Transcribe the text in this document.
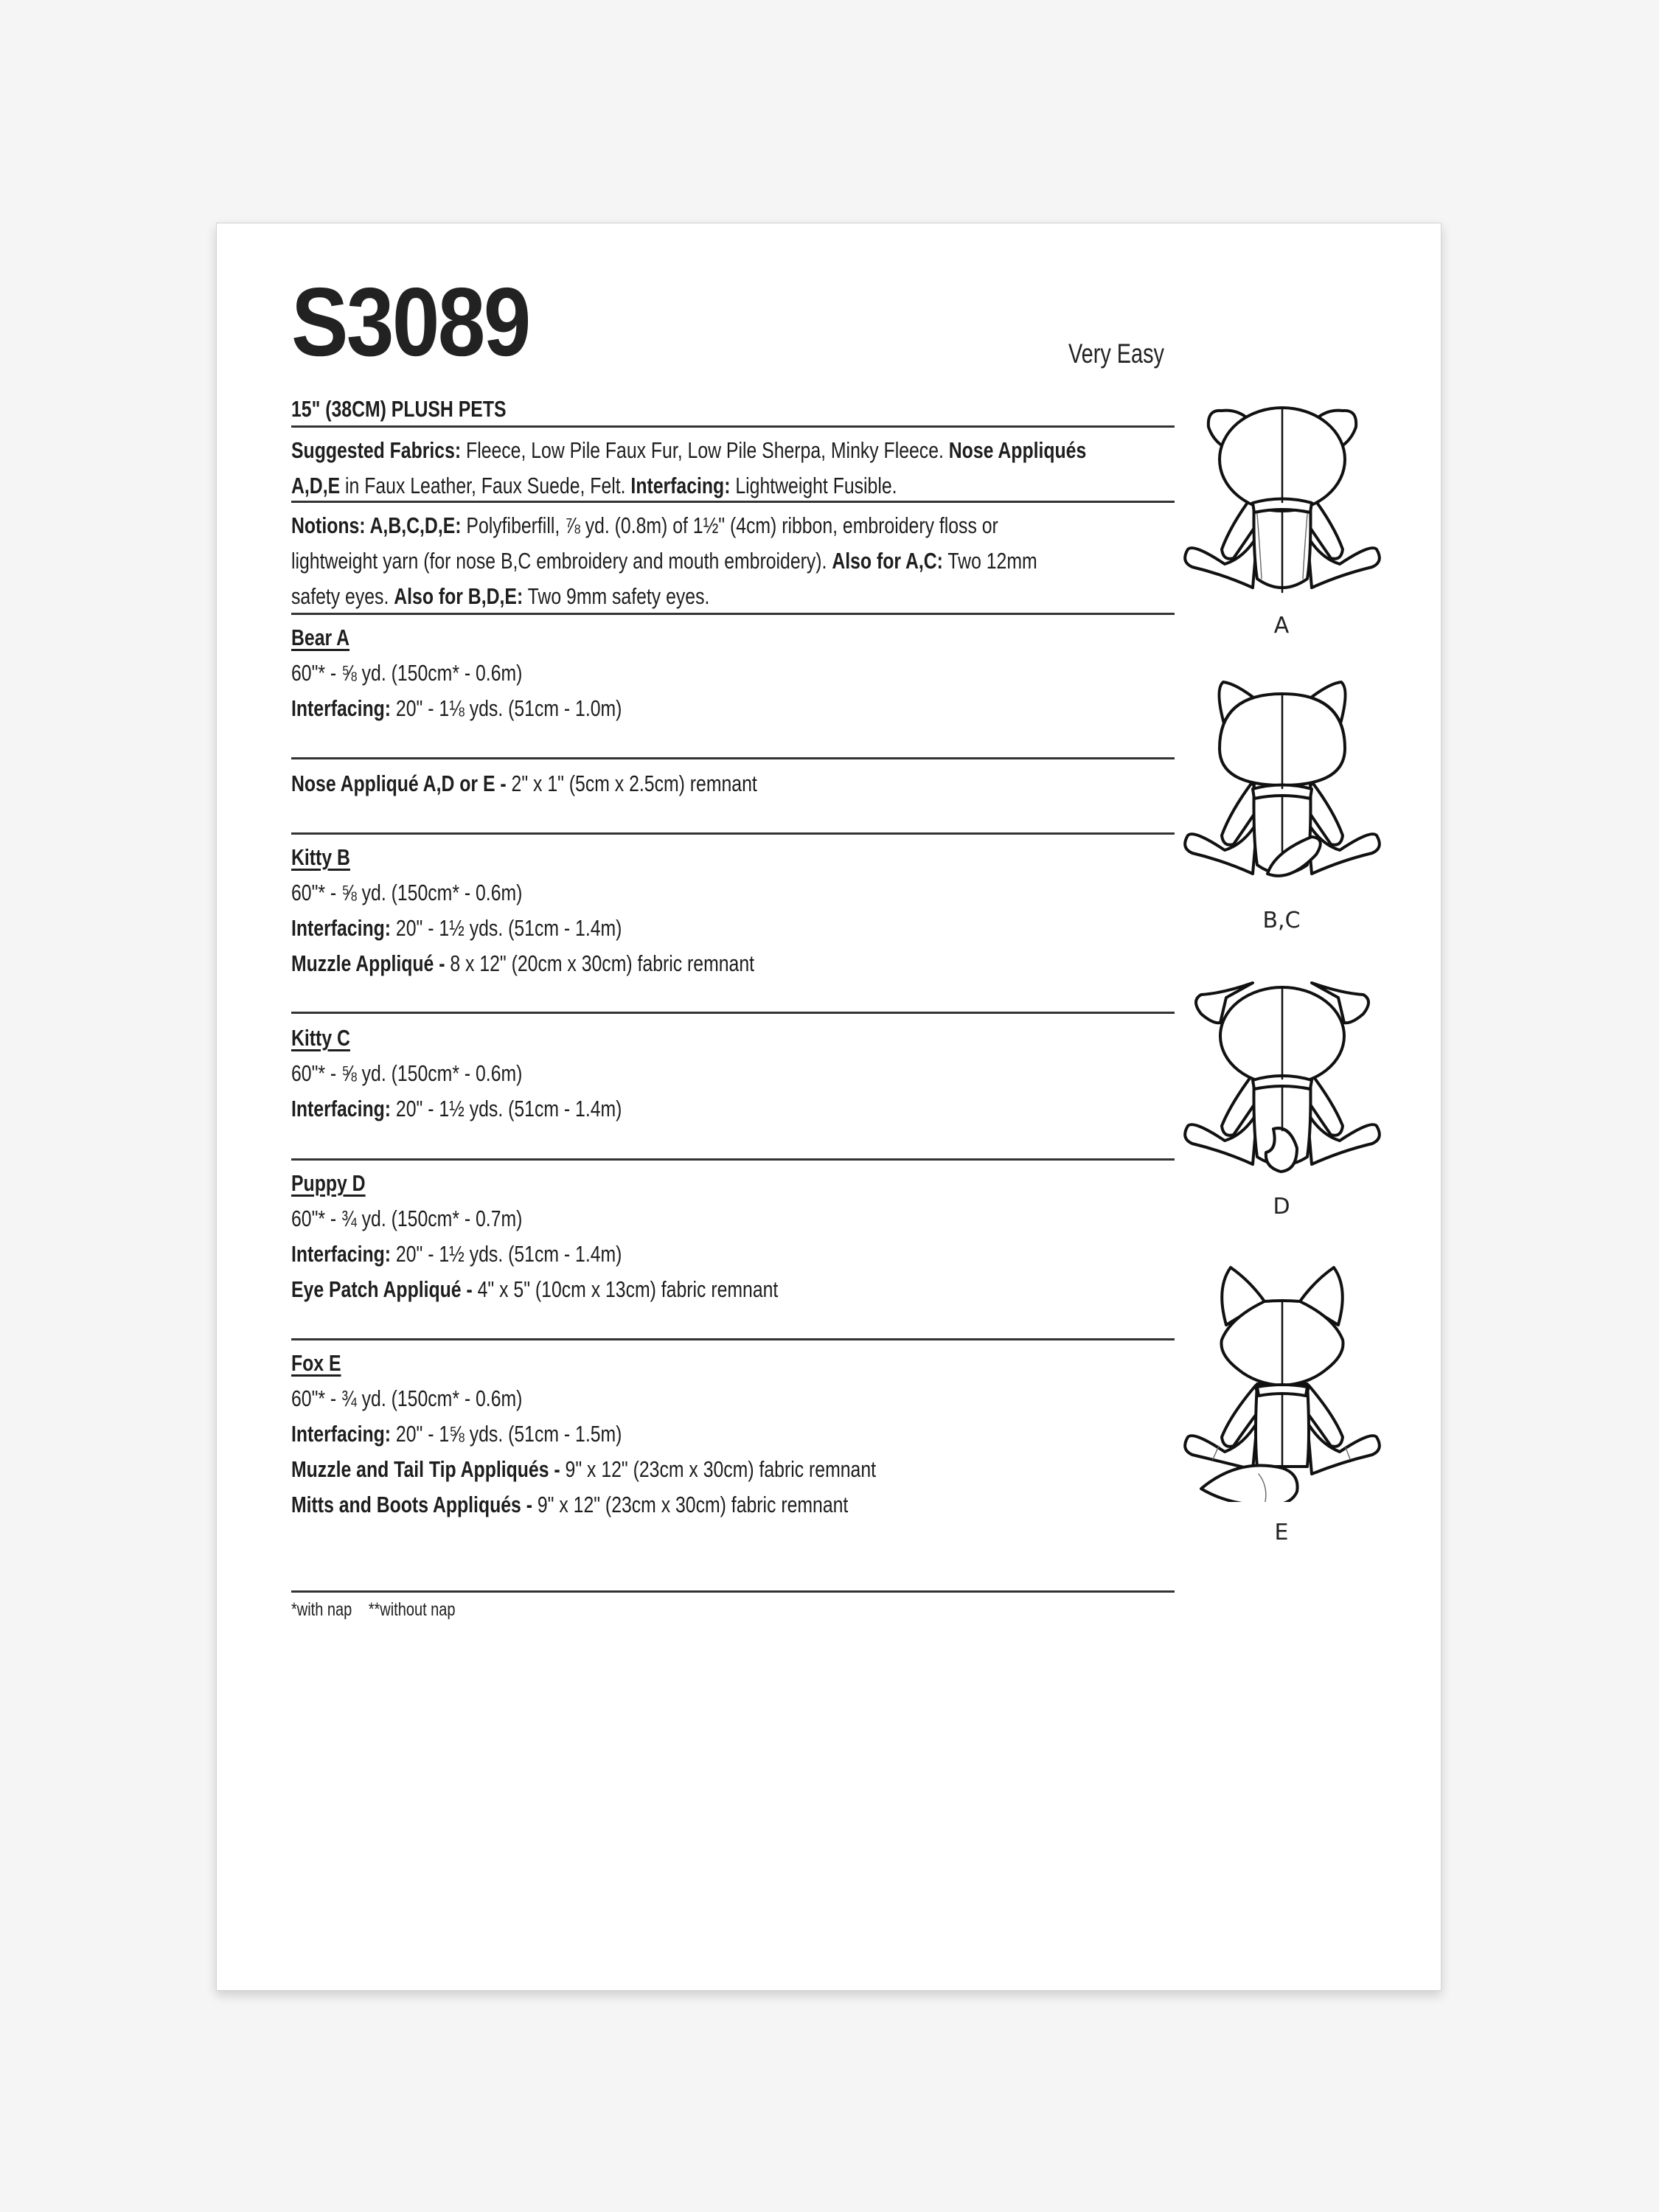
S3089	Very Easy
15" (38CM) PLUSH PETS
Suggested Fabrics: Fleece, Low Pile Faux Fur, Low Pile Sherpa, Minky Fleece. Nose Appliqués
A,D,E in Faux Leather, Faux Suede, Felt. Interfacing: Lightweight Fusible.
Notions: A,B,C,D,E: Polyfiberfill, ⅞ yd. (0.8m) of 1½" (4cm) ribbon, embroidery floss or
lightweight yarn (for nose B,C embroidery and mouth embroidery). Also for A,C: Two 12mm
safety eyes. Also for B,D,E: Two 9mm safety eyes.
Bear A
60"* - ⅝ yd. (150cm* - 0.6m)
Interfacing: 20" - 1⅛ yds. (51cm - 1.0m)
Nose Appliqué A,D or E - 2" x 1" (5cm x 2.5cm) remnant
Kitty B
60"* - ⅝ yd. (150cm* - 0.6m)
Interfacing: 20" - 1½ yds. (51cm - 1.4m)
Muzzle Appliqué - 8 x 12" (20cm x 30cm) fabric remnant
Kitty C
60"* - ⅝ yd. (150cm* - 0.6m)
Interfacing: 20" - 1½ yds. (51cm - 1.4m)
Puppy D
60"* - ¾ yd. (150cm* - 0.7m)
Interfacing: 20" - 1½ yds. (51cm - 1.4m)
Eye Patch Appliqué - 4" x 5" (10cm x 13cm) fabric remnant
Fox E
60"* - ¾ yd. (150cm* - 0.6m)
Interfacing: 20" - 1⅝ yds. (51cm - 1.5m)
Muzzle and Tail Tip Appliqués - 9" x 12" (23cm x 30cm) fabric remnant
Mitts and Boots Appliqués - 9" x 12" (23cm x 30cm) fabric remnant
*with nap **without nap
A
B,C
D
E
